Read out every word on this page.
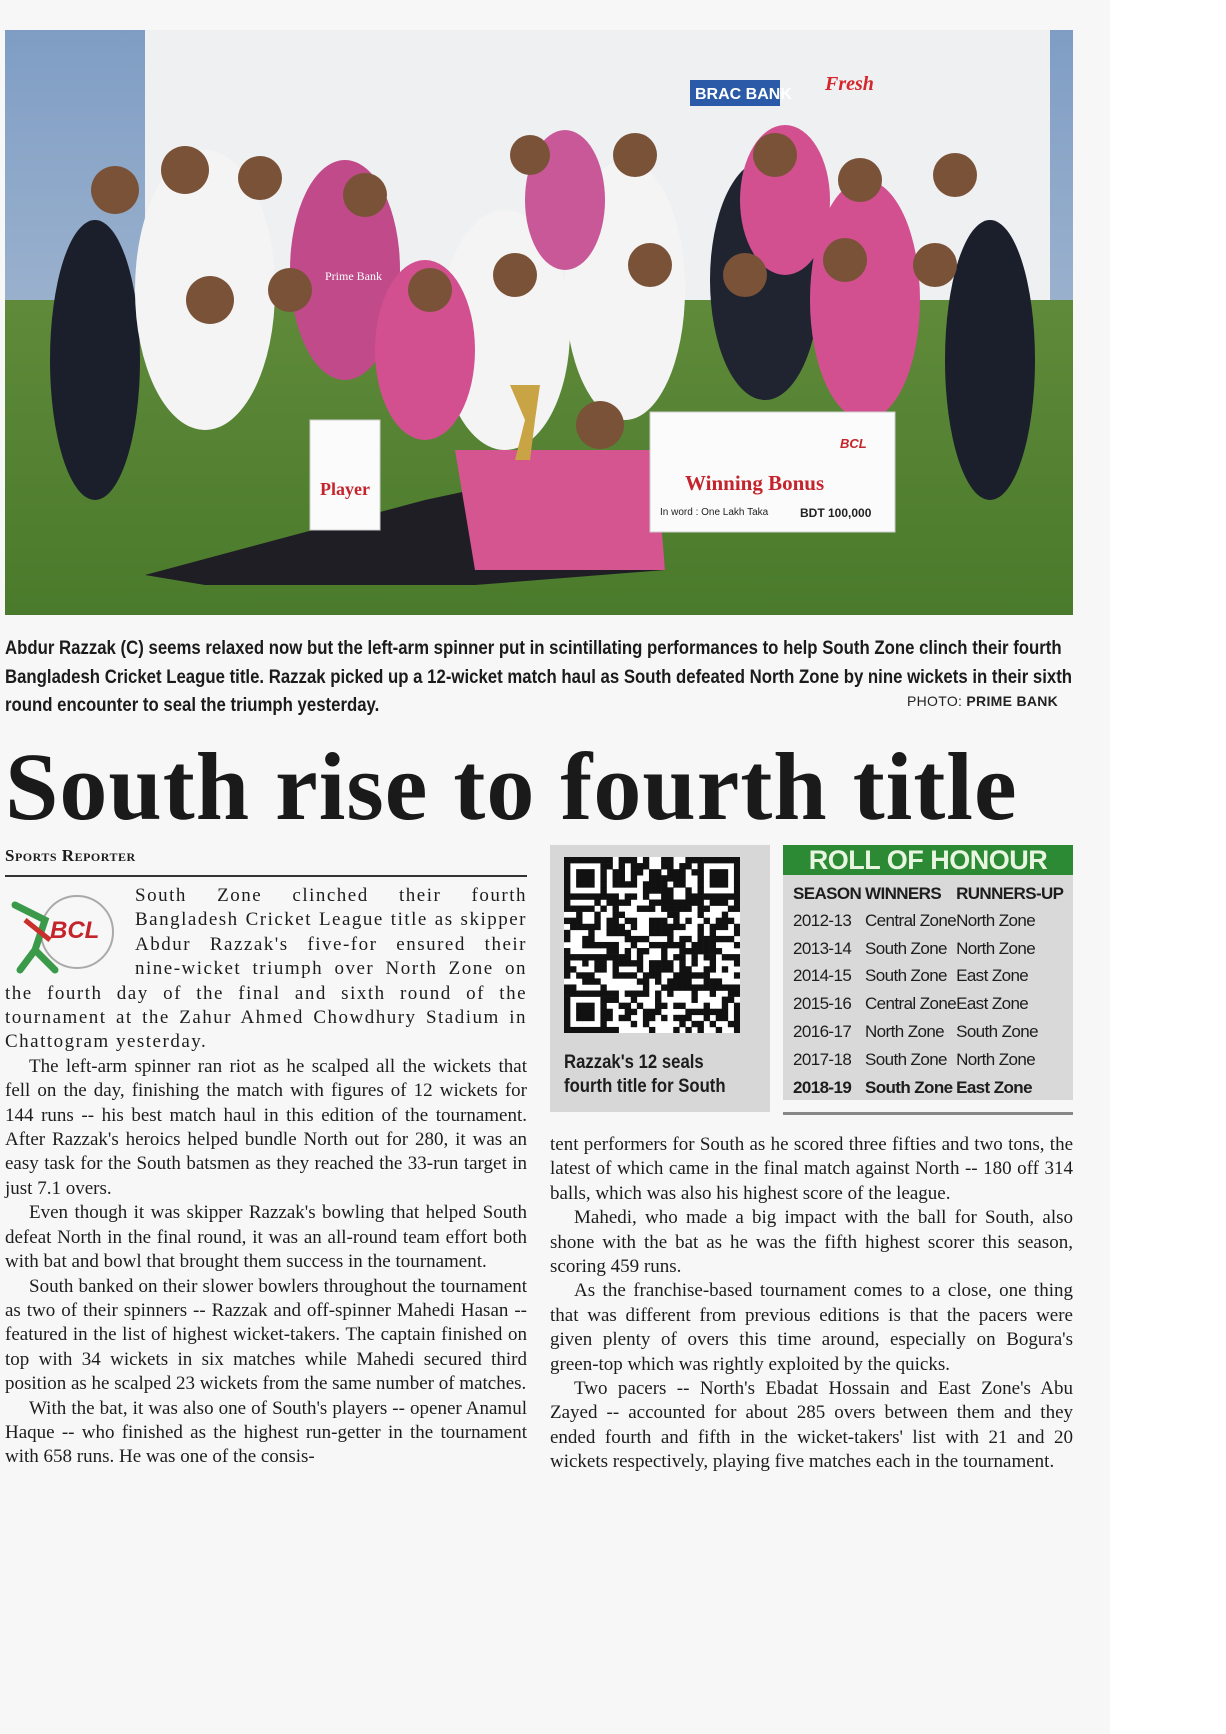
BRAC BANK Fresh
Winning Bonus
In word : One Lakh Taka	BDT 100,000
BCL
Player
Prime Bank
Abdur Razzak (C) seems relaxed now but the left-arm spinner put in scintillating performances to help South Zone clinch their fourth Bangladesh Cricket League title. Razzak picked up a 12-wicket match haul as South defeated North Zone by nine wickets in their sixth round encounter to seal the triumph yesterday.	PHOTO: PRIME BANK
South rise to fourth title
Sports Reporter
BCL

South Zone clinched their fourth Bangladesh Cricket League title as skipper Abdur Razzak's five-for ensured their nine-wicket triumph over North Zone on the fourth day of the final and sixth round of the tournament at the Zahur Ahmed Chowdhury Stadium in Chattogram yesterday.

The left-arm spinner ran riot as he scalped all the wickets that fell on the day, finishing the match with figures of 12 wickets for 144 runs -- his best match haul in this edition of the tournament. After Razzak's heroics helped bundle North out for 280, it was an easy task for the South batsmen as they reached the 33-run target in just 7.1 overs.

Even though it was skipper Razzak's bowling that helped South defeat North in the final round, it was an all-round team effort both with bat and bowl that brought them success in the tournament.

South banked on their slower bowlers throughout the tournament as two of their spinners -- Razzak and off-spinner Mahedi Hasan -- featured in the list of highest wicket-takers. The captain finished on top with 34 wickets in six matches while Mahedi secured third position as he scalped 23 wickets from the same number of matches.

With the bat, it was also one of South's players -- opener Anamul Haque -- who finished as the highest run-getter in the tournament with 658 runs. He was one of the consis-

Razzak's 12 seals fourth title for South
ROLL OF HONOUR
SEASON	WINNERS	RUNNERS-UP
2012-13	Central Zone	North Zone
2013-14	South Zone	North Zone
2014-15	South Zone	East Zone
2015-16	Central Zone	East Zone
2016-17	North Zone	South Zone
2017-18	South Zone	North Zone
2018-19	South Zone	East Zone

tent performers for South as he scored three fifties and two tons, the latest of which came in the final match against North -- 180 off 314 balls, which was also his highest score of the league.

Mahedi, who made a big impact with the ball for South, also shone with the bat as he was the fifth highest scorer this season, scoring 459 runs.

As the franchise-based tournament comes to a close, one thing that was different from previous editions is that the pacers were given plenty of overs this time around, especially on Bogura's green-top which was rightly exploited by the quicks.

Two pacers -- North's Ebadat Hossain and East Zone's Abu Zayed -- accounted for about 285 overs between them and they ended fourth and fifth in the wicket-takers' list with 21 and 20 wickets respectively, playing five matches each in the tournament.
